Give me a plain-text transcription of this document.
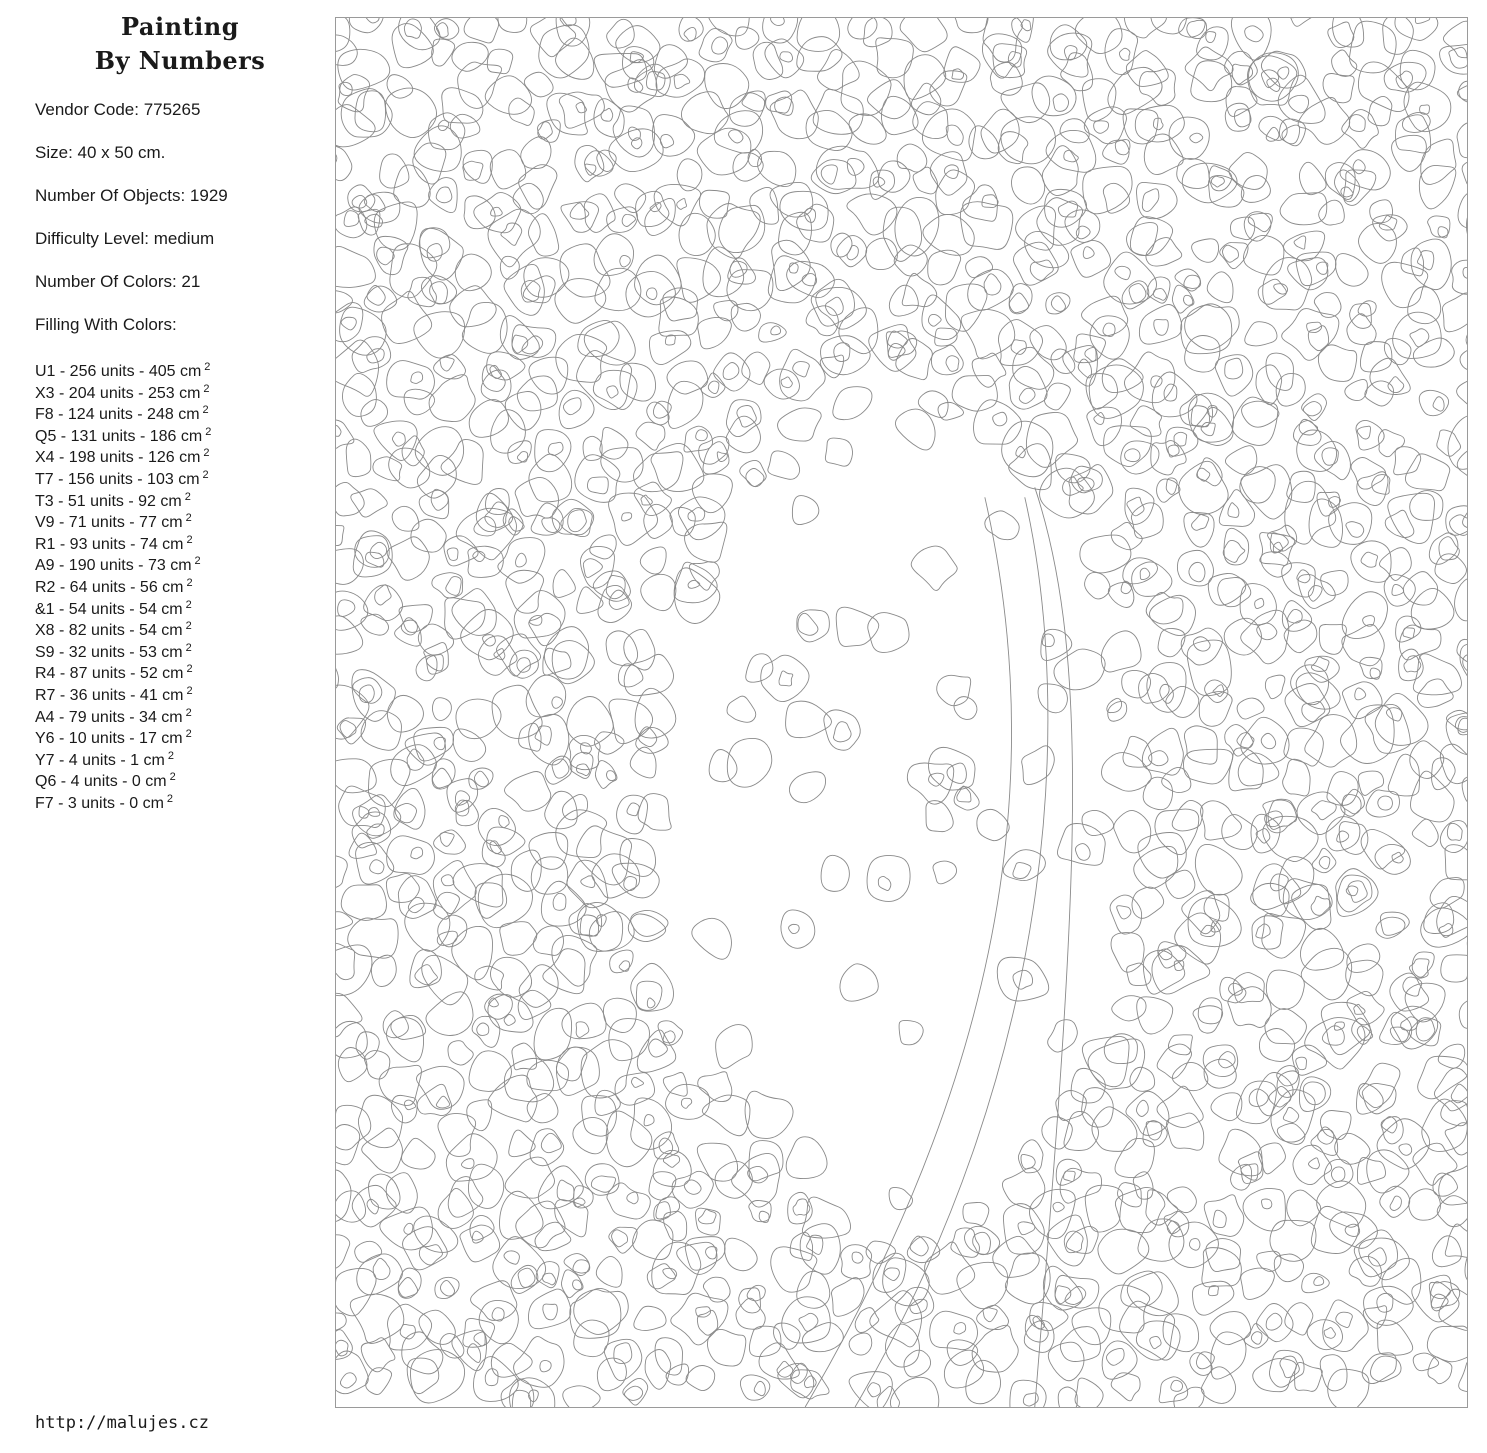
Painting
By Numbers
Vendor Code: 775265
Size: 40 x 50 cm.
Number Of Objects: 1929
Difficulty Level: medium
Number Of Colors: 21
Filling With Colors:
U1 - 256 units - 405 cm $^2$
X3 - 204 units - 253 cm $^2$
F8 - 124 units - 248 cm $^2$
Q5 - 131 units - 186 cm $^2$
X4 - 198 units - 126 cm $^2$
T7 - 156 units - 103 cm $^2$
T3 - 51 units - 92 cm $^2$
V9 - 71 units - 77 cm $^2$
R1 - 93 units - 74 cm $^2$
A9 - 190 units - 73 cm $^2$
R2 - 64 units - 56 cm $^2$
&1 - 54 units - 54 cm $^2$
X8 - 82 units - 54 cm $^2$
S9 - 32 units - 53 cm $^2$
R4 - 87 units - 52 cm $^2$
R7 - 36 units - 41 cm $^2$
A4 - 79 units - 34 cm $^2$
Y6 - 10 units - 17 cm $^2$
Y7 - 4 units - 1 cm $^2$
Q6 - 4 units - 0 cm $^2$
F7 - 3 units - 0 cm $^2$
http://malujes.cz
